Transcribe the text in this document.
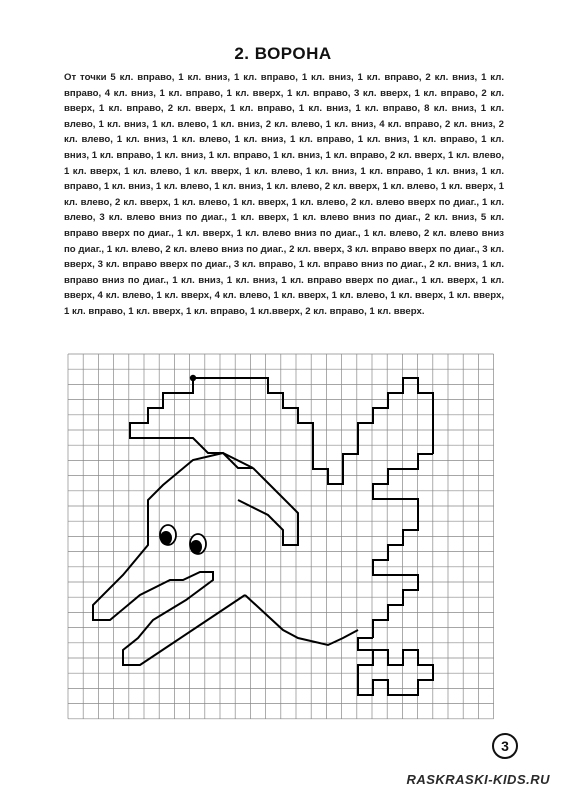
2. ВОРОНА
От точки 5 кл. вправо, 1 кл. вниз, 1 кл. вправо, 1 кл. вниз, 1 кл. вправо, 2 кл. вниз, 1 кл. вправо, 4 кл. вниз, 1 кл. вправо, 1 кл. вверх, 1 кл. вправо, 3 кл. вверх, 1 кл. вправо, 2 кл. вверх, 1 кл. вправо, 2 кл. вверх, 1 кл. вправо, 1 кл. вниз, 1 кл. вправо, 8 кл. вниз, 1 кл. влево, 1 кл. вниз, 1 кл. влево, 1 кл. вниз, 2 кл. влево, 1 кл. вниз, 4 кл. вправо, 2 кл. вниз, 2 кл. влево, 1 кл. вниз, 1 кл. влево, 1 кл. вниз, 1 кл. вправо, 1 кл. вниз, 1 кл. вправо, 1 кл. вниз, 1 кл. вправо, 1 кл. вниз, 1 кл. вправо, 1 кл. вниз, 1 кл. вправо, 2 кл. вверх, 1 кл. влево, 1 кл. вверх, 1 кл. влево, 1 кл. вверх, 1 кл. влево, 1 кл. вниз, 1 кл. вправо, 1 кл. вниз, 1 кл. вправо, 1 кл. вниз, 1 кл. влево, 1 кл. вниз, 1 кл. влево, 2 кл. вверх, 1 кл. влево, 1 кл. вверх, 1 кл. влево, 2 кл. вверх, 1 кл. влево, 1 кл. вверх, 1 кл. влево, 2 кл. влево вверх по диаг., 1 кл. влево, 3 кл. влево вниз по диаг., 1 кл. вверх, 1 кл. влево вниз по диаг., 2 кл. вниз, 5 кл. вправо вверх по диаг., 1 кл. вверх, 1 кл. влево вниз по диаг., 1 кл. влево, 2 кл. влево вниз по диаг., 1 кл. влево, 2 кл. влево вниз по диаг., 2 кл. вверх, 3 кл. вправо вверх по диаг., 3 кл. вверх, 3 кл. вправо вверх по диаг., 3 кл. вправо, 1 кл. вправо вниз по диаг., 2 кл. вниз, 1 кл. вправо вниз по диаг., 1 кл. вниз, 1 кл. вниз, 1 кл. вправо вверх по диаг., 1 кл. вверх, 1 кл. вверх, 4 кл. влево, 1 кл. вверх, 4 кл. влево, 1 кл. вверх, 1 кл. влево, 1 кл. вверх, 1 кл. вверх, 1 кл. вправо, 1 кл. вверх, 1 кл. вправо, 1 кл.вверх, 2 кл. вправо, 1 кл. вверх.
3
RASKRASKI-KIDS.RU
